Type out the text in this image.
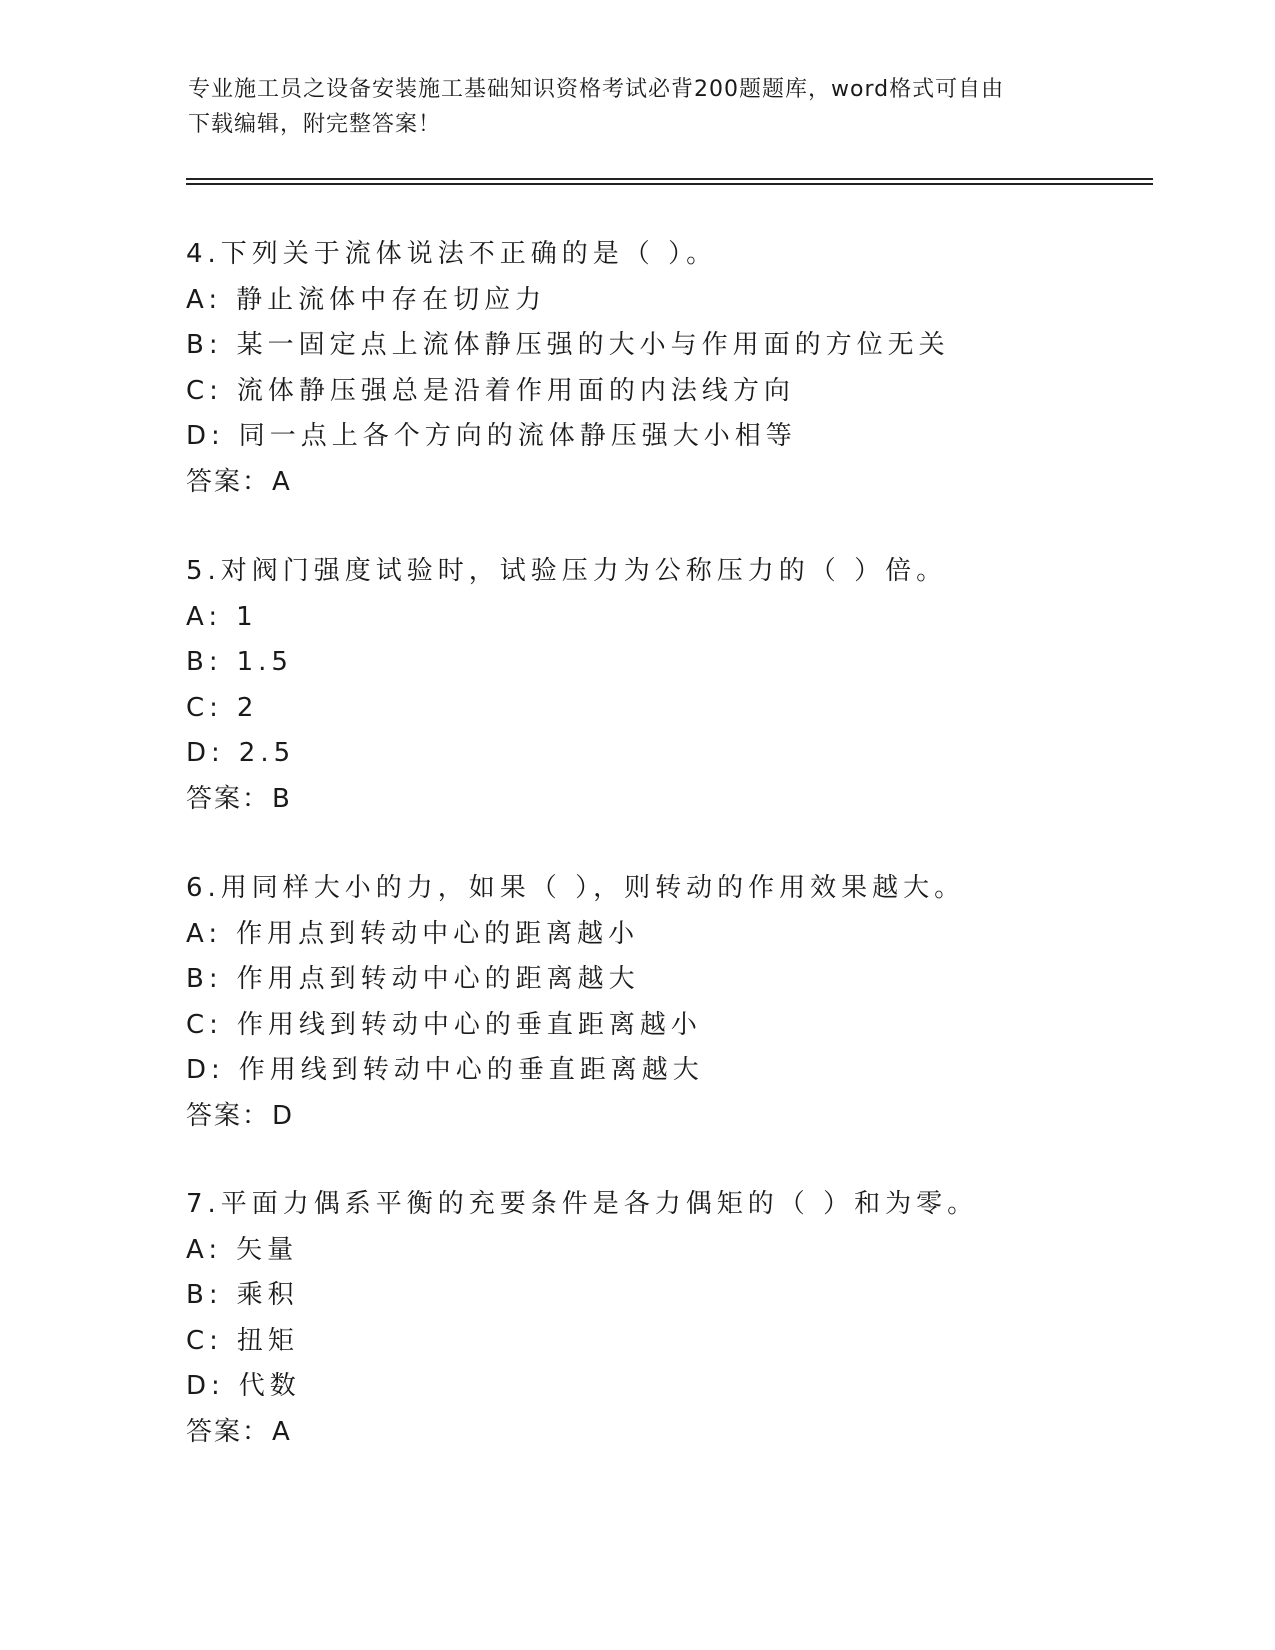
专业施工员之设备安装施工基础知识资格考试必背200题题库，word格式可自由
下载编辑，附完整答案！
4.下列关于流体说法不正确的是（ ）。
A: 静止流体中存在切应力
B: 某一固定点上流体静压强的大小与作用面的方位无关
C: 流体静压强总是沿着作用面的内法线方向
D: 同一点上各个方向的流体静压强大小相等
答案：A
5.对阀门强度试验时，试验压力为公称压力的（ ）倍。
A: 1
B: 1.5
C: 2
D: 2.5
答案：B
6.用同样大小的力，如果（ ），则转动的作用效果越大。
A: 作用点到转动中心的距离越小
B: 作用点到转动中心的距离越大
C: 作用线到转动中心的垂直距离越小
D: 作用线到转动中心的垂直距离越大
答案：D
7.平面力偶系平衡的充要条件是各力偶矩的（ ）和为零。
A: 矢量
B: 乘积
C: 扭矩
D: 代数
答案：A
